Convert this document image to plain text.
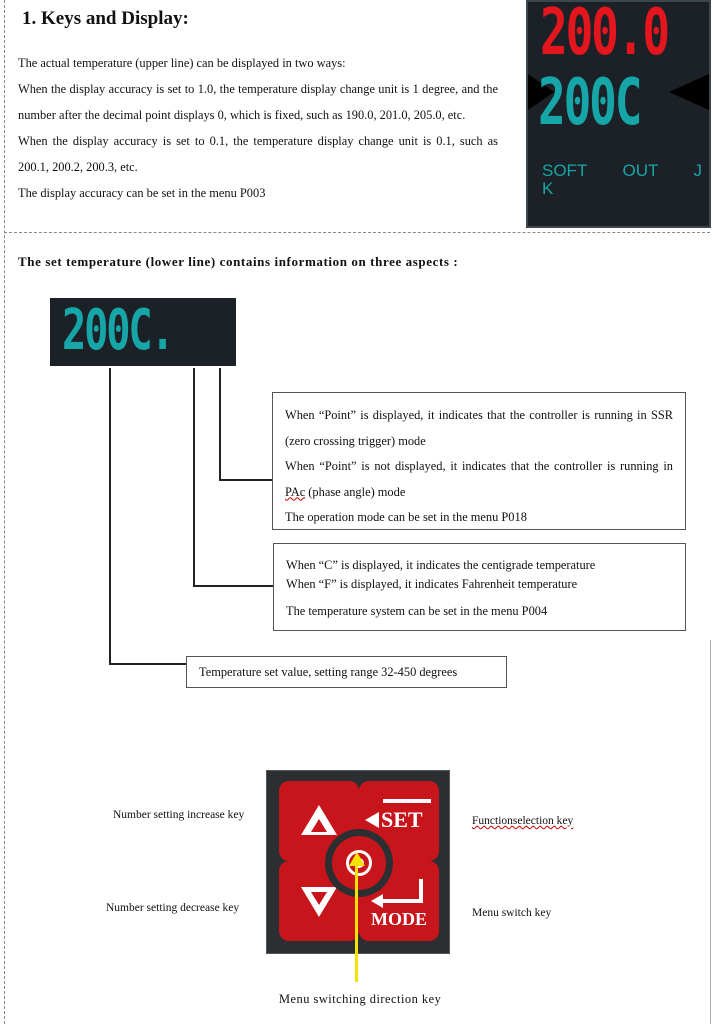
1. Keys and Display:
The actual temperature (upper line) can be displayed in two ways:
When the display accuracy is set to 1.0, the temperature display change unit is 1 degree, and the number after the decimal point displays 0, which is fixed, such as 190.0, 201.0, 205.0, etc.
When the display accuracy is set to 0.1, the temperature display change unit is 0.1, such as 200.1, 200.2, 200.3, etc.
The display accuracy can be set in the menu P003
200.0
200C
SOFT OUT J
K
The set temperature (lower line) contains information on three aspects :
200C.
When “Point” is displayed, it indicates that the controller is running in SSR (zero crossing trigger) mode
When “Point” is not displayed, it indicates that the controller is running in PAc (phase angle) mode
The operation mode can be set in the menu P018
When “C” is displayed, it indicates the centigrade temperature
When “F” is displayed, it indicates Fahrenheit temperature
The temperature system can be set in the menu P004
Temperature set value, setting range 32-450 degrees
SET
MODE
Number setting increase key
Number setting decrease key
Functionselection key
Menu switch key
Menu switching direction key
